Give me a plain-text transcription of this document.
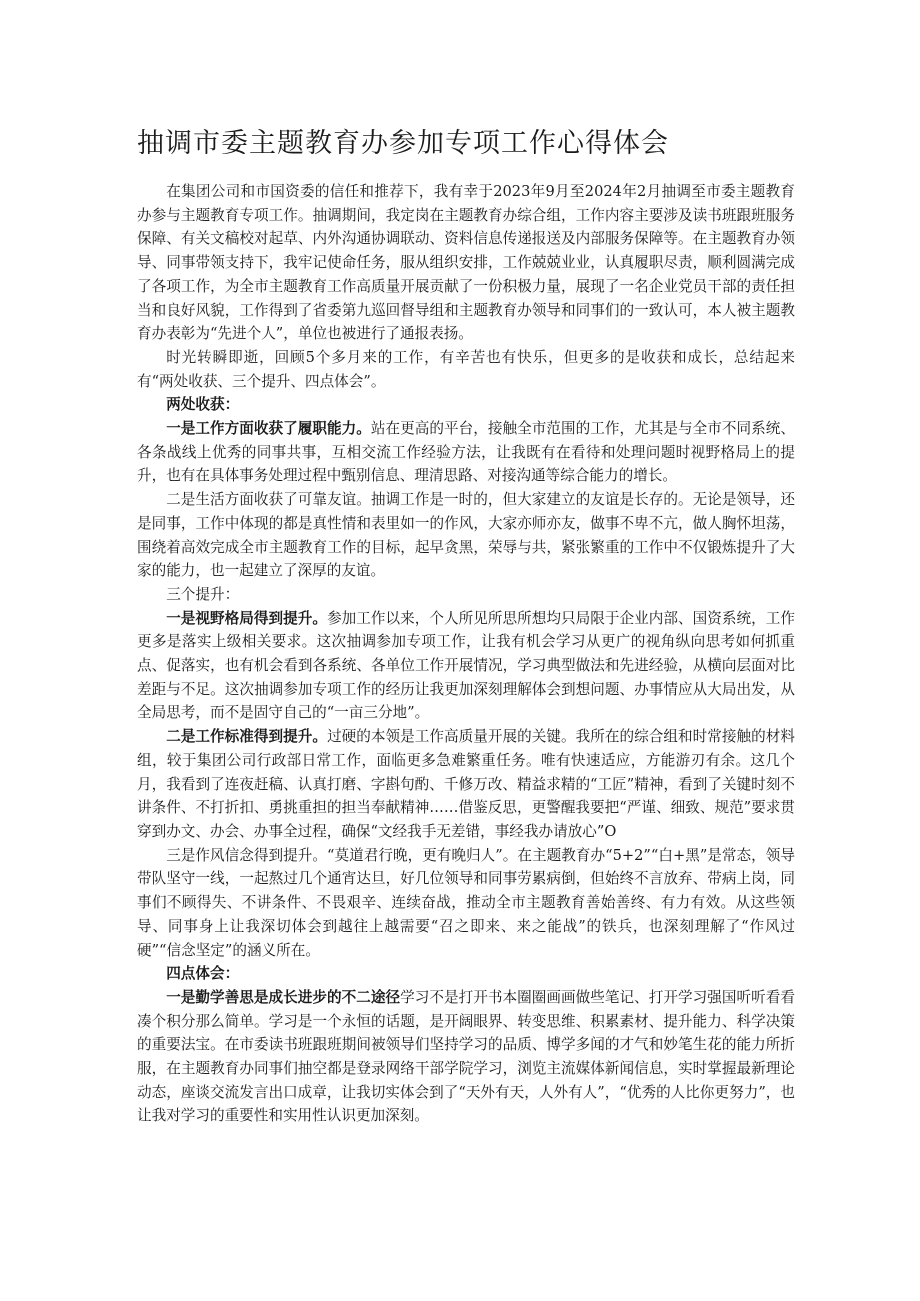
抽调市委主题教育办参加专项工作心得体会

在集团公司和市国资委的信任和推荐下，我有幸于2023年9月至2024年2月抽调至市委主题教育办参与主题教育专项工作。抽调期间，我定岗在主题教育办综合组，工作内容主要涉及读书班跟班服务保障、有关文稿校对起草、内外沟通协调联动、资料信息传递报送及内部服务保障等。在主题教育办领导、同事带领支持下，我牢记使命任务，服从组织安排，工作兢兢业业，认真履职尽责，顺利圆满完成了各项工作，为全市主题教育工作高质量开展贡献了一份积极力量，展现了一名企业党员干部的责任担当和良好风貌，工作得到了省委第九巡回督导组和主题教育办领导和同事们的一致认可，本人被主题教育办表彰为“先进个人”，单位也被进行了通报表扬。

时光转瞬即逝，回顾5个多月来的工作，有辛苦也有快乐，但更多的是收获和成长，总结起来有“两处收获、三个提升、四点体会”。

两处收获：

一是工作方面收获了履职能力。站在更高的平台，接触全市范围的工作，尤其是与全市不同系统、各条战线上优秀的同事共事，互相交流工作经验方法，让我既有在看待和处理问题时视野格局上的提升，也有在具体事务处理过程中甄别信息、理清思路、对接沟通等综合能力的增长。

二是生活方面收获了可靠友谊。抽调工作是一时的，但大家建立的友谊是长存的。无论是领导，还是同事，工作中体现的都是真性情和表里如一的作风，大家亦师亦友，做事不卑不亢，做人胸怀坦荡，围绕着高效完成全市主题教育工作的目标，起早贪黑，荣辱与共，紧张繁重的工作中不仅锻炼提升了大家的能力，也一起建立了深厚的友谊。

三个提升：

一是视野格局得到提升。参加工作以来，个人所见所思所想均只局限于企业内部、国资系统，工作更多是落实上级相关要求。这次抽调参加专项工作，让我有机会学习从更广的视角纵向思考如何抓重点、促落实，也有机会看到各系统、各单位工作开展情况，学习典型做法和先进经验，从横向层面对比差距与不足。这次抽调参加专项工作的经历让我更加深刻理解体会到想问题、办事情应从大局出发，从全局思考，而不是固守自己的“一亩三分地”。

二是工作标准得到提升。过硬的本领是工作高质量开展的关键。我所在的综合组和时常接触的材料组，较于集团公司行政部日常工作，面临更多急难繁重任务。唯有快速适应，方能游刃有余。这几个月，我看到了连夜赶稿、认真打磨、字斟句酌、千修万改、精益求精的“工匠”精神，看到了关键时刻不讲条件、不打折扣、勇挑重担的担当奉献精神……借鉴反思，更警醒我要把“严谨、细致、规范”要求贯穿到办文、办会、办事全过程，确保“文经我手无差错，事经我办请放心”O

三是作风信念得到提升。“莫道君行晚，更有晚归人”。在主题教育办“5+2”“白+黑”是常态，领导带队坚守一线，一起熬过几个通宵达旦，好几位领导和同事劳累病倒，但始终不言放弃、带病上岗，同事们不顾得失、不讲条件、不畏艰辛、连续奋战，推动全市主题教育善始善终、有力有效。从这些领导、同事身上让我深切体会到越往上越需要“召之即来、来之能战”的铁兵，也深刻理解了“作风过硬”“信念坚定”的涵义所在。

四点体会：

一是勤学善思是成长进步的不二途径学习不是打开书本圈圈画画做些笔记、打开学习强国听听看看凑个积分那么简单。学习是一个永恒的话题，是开阔眼界、转变思维、积累素材、提升能力、科学决策的重要法宝。在市委读书班跟班期间被领导们坚持学习的品质、博学多闻的才气和妙笔生花的能力所折服，在主题教育办同事们抽空都是登录网络干部学院学习，浏览主流媒体新闻信息，实时掌握最新理论动态，座谈交流发言出口成章，让我切实体会到了“天外有天，人外有人”，“优秀的人比你更努力”，也让我对学习的重要性和实用性认识更加深刻。
